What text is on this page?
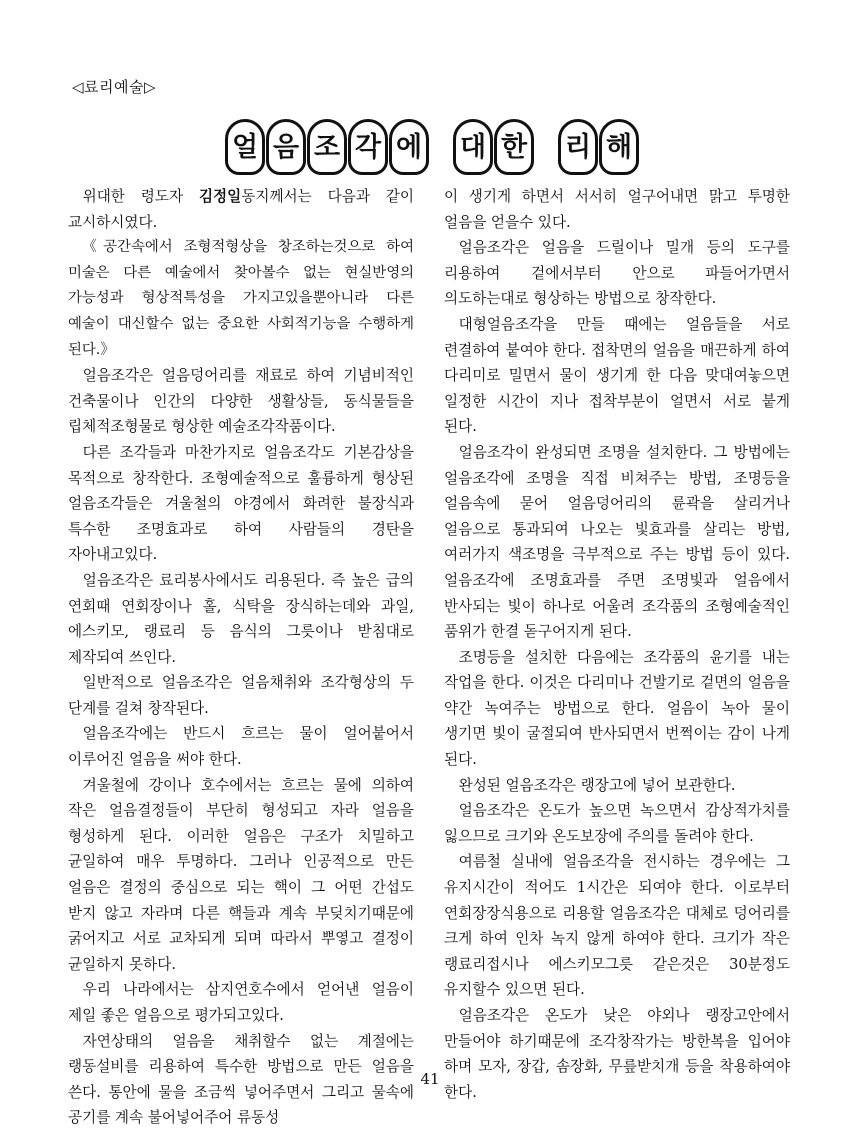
◁료리예술▷
얼 음 조 각 에 대 한 리 해

위대한 령도자 김정일동지께서는 다음과 같이 교시하시였다.

《공간속에서 조형적형상을 창조하는것으로 하여 미술은 다른 예술에서 찾아볼수 없는 현실반영의 가능성과 형상적특성을 가지고있을뿐아니라 다른 예술이 대신할수 없는 중요한 사회적기능을 수행하게 된다.》

얼음조각은 얼음덩어리를 재료로 하여 기념비적인 건축물이나 인간의 다양한 생활상들, 동식물들을 립체적조형물로 형상한 예술조각작품이다.

다른 조각들과 마찬가지로 얼음조각도 기본감상을 목적으로 창작한다. 조형예술적으로 훌륭하게 형상된 얼음조각들은 겨울철의 야경에서 화려한 불장식과 특수한 조명효과로 하여 사람들의 경탄을 자아내고있다.

얼음조각은 료리봉사에서도 리용된다. 즉 높은 급의 연회때 연회장이나 홀, 식탁을 장식하는데와 과일, 에스키모, 랭료리 등 음식의 그릇이나 받침대로 제작되여 쓰인다.

일반적으로 얼음조각은 얼음채취와 조각형상의 두 단계를 걸쳐 창작된다.

얼음조각에는 반드시 흐르는 물이 얼어붙어서 이루어진 얼음을 써야 한다.

겨울철에 강이나 호수에서는 흐르는 물에 의하여 작은 얼음결정들이 부단히 형성되고 자라 얼음을 형성하게 된다. 이러한 얼음은 구조가 치밀하고 균일하여 매우 투명하다. 그러나 인공적으로 만든 얼음은 결정의 중심으로 되는 핵이 그 어떤 간섭도 받지 않고 자라며 다른 핵들과 계속 부딪치기때문에 굵어지고 서로 교차되게 되며 따라서 뿌옇고 결정이 균일하지 못하다.

우리 나라에서는 삼지연호수에서 얻어낸 얼음이 제일 좋은 얼음으로 평가되고있다.

자연상태의 얼음을 채취할수 없는 계절에는 랭동설비를 리용하여 특수한 방법으로 만든 얼음을 쓴다. 통안에 물을 조금씩 넣어주면서 그리고 물속에 공기를 계속 불어넣어주어 류동성

이 생기게 하면서 서서히 얼구어내면 맑고 투명한 얼음을 얻을수 있다.

얼음조각은 얼음을 드릴이나 밀개 등의 도구를 리용하여 겉에서부터 안으로 파들어가면서 의도하는대로 형상하는 방법으로 창작한다.

대형얼음조각을 만들 때에는 얼음들을 서로 련결하여 붙여야 한다. 접착면의 얼음을 매끈하게 하여 다리미로 밀면서 물이 생기게 한 다음 맞대여놓으면 일정한 시간이 지나 접착부분이 얼면서 서로 붙게 된다.

얼음조각이 완성되면 조명을 설치한다. 그 방법에는 얼음조각에 조명을 직접 비쳐주는 방법, 조명등을 얼음속에 묻어 얼음덩어리의 륜곽을 살리거나 얼음으로 통과되여 나오는 빛효과를 살리는 방법, 여러가지 색조명을 극부적으로 주는 방법 등이 있다. 얼음조각에 조명효과를 주면 조명빛과 얼음에서 반사되는 빛이 하나로 어울려 조각품의 조형예술적인 품위가 한결 돋구어지게 된다.

조명등을 설치한 다음에는 조각품의 윤기를 내는 작업을 한다. 이것은 다리미나 건발기로 겉면의 얼음을 약간 녹여주는 방법으로 한다. 얼음이 녹아 물이 생기면 빛이 굴절되여 반사되면서 번쩍이는 감이 나게 된다.

완성된 얼음조각은 랭장고에 넣어 보관한다.

얼음조각은 온도가 높으면 녹으면서 감상적가치를 잃으므로 크기와 온도보장에 주의를 돌려야 한다.

여름철 실내에 얼음조각을 전시하는 경우에는 그 유지시간이 적어도 1시간은 되여야 한다. 이로부터 연회장장식용으로 리용할 얼음조각은 대체로 덩어리를 크게 하여 인차 녹지 않게 하여야 한다. 크기가 작은 랭료리접시나 에스키모그릇 같은것은 30분정도 유지할수 있으면 된다.

얼음조각은 온도가 낮은 야외나 랭장고안에서 만들어야 하기때문에 조각창작가는 방한복을 입어야 하며 모자, 장갑, 솜장화, 무릎받치개 등을 착용하여야 한다.

41
